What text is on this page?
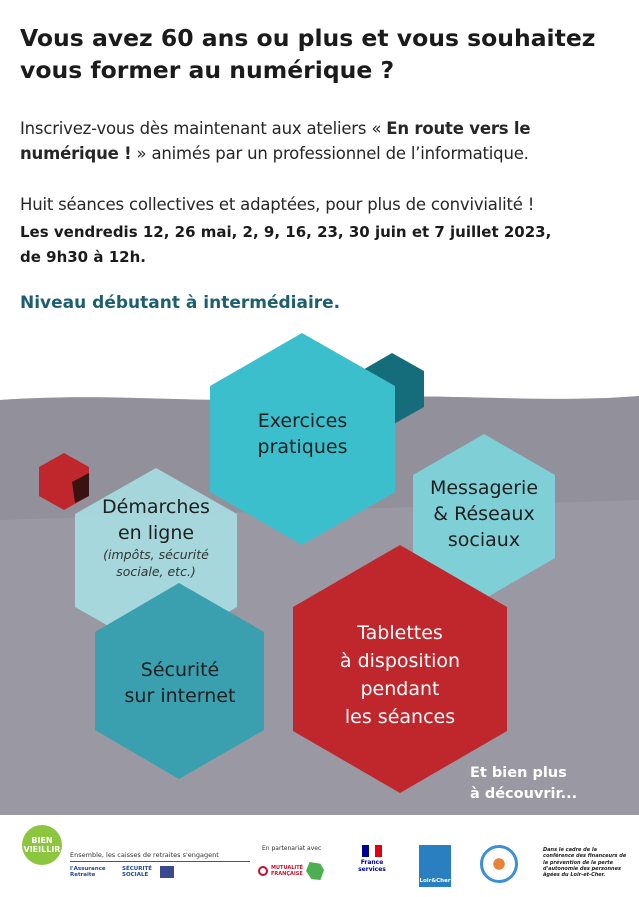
Vous avez 60 ans ou plus et vous souhaitez vous former au numérique ?
Inscrivez-vous dès maintenant aux ateliers « En route vers le numérique ! » animés par un professionnel de l’informatique.
Huit séances collectives et adaptées, pour plus de convivialité !
Les vendredis 12, 26 mai, 2, 9, 16, 23, 30 juin et 7 juillet 2023,
de 9h30 à 12h.
Niveau débutant à intermédiaire.
Exercices
pratiques
Démarches
en ligne
(impôts, sécurité
sociale, etc.)
Messagerie
& Réseaux
sociaux
Sécurité
sur internet
Tablettes
à disposition
pendant
les séances
Et bien plus
à découvrir...
BIEN
VIEILLIR
Ensemble, les caisses de retraites s'engagent
l'Assurance Retraite
SÉCURITÉ SOCIALE
En partenariat avec
MUTUALITÉ FRANÇAISE
France services
Loir&Cher
Dans le cadre de la conférence des financeurs de la prévention de la perte d'autonomie des personnes âgées du Loir-et-Cher.
